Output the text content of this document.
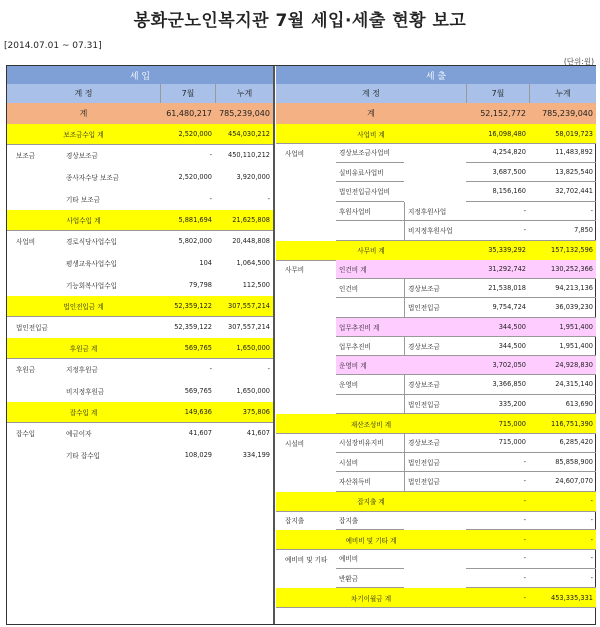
봉화군노인복지관 7월 세입·세출 현황 보고
[2014.07.01 ~ 07.31]
(단위:원)
세 입
계 정	7월	누계
계	61,480,217 785,239,040
보조금수입 계	2,520,000	454,030,212
보조금	경상보조금	-	450,110,212
종사자수당 보조금	2,520,000	3,920,000
기타 보조금	-	-
사업수입 계	5,881,694	21,625,808
사업비	경로식당사업수입	5,802,000	20,448,808
평생교육사업수입	104	1,064,500
기능회복사업수입	79,798	112,500
법인전입금 계	52,359,122	307,557,214
법인전입금	52,359,122	307,557,214
후원금 계	569,765	1,650,000
후원금	지정후원금	-	-
비지정후원금	569,765	1,650,000
잡수입 계	149,636	375,806
잡수입	예금이자	41,607	41,607
기타 잡수입	108,029	334,199
세 출
계 정	7월	누계
계	52,152,772	785,239,040
사업비 계	16,098,480	58,019,723
사업비	경상보조금사업비	4,254,820	11,483,892
실비유료사업비	3,687,500	13,825,540
법인전입금사업비	8,156,160	32,702,441
후원사업비	지정후원사업	-	-
비지정후원사업	-	7,850
사무비 계	35,339,292	157,132,596
사무비	인건비 계	31,292,742	130,252,366
인건비	경상보조금	21,538,018	94,213,136
법인전입금	9,754,724	36,039,230
업무추진비 계	344,500	1,951,400
업무추진비	경상보조금	344,500	1,951,400
운영비 계	3,702,050	24,928,830
운영비	경상보조금	3,366,850	24,315,140
법인전입금	335,200	613,690
재산조성비 계	715,000	116,751,390
시설비	시설장비유지비	경상보조금	715,000	6,285,420
시설비	법인전입금	-	85,858,900
자산취득비	법인전입금	-	24,607,070
잡지출 계	-	-
잡지출	잡지출	-	-
예비비 및 기타 계	-	-
예비비 및 기타	예비비	-	-
반환금	-	-
차기이월금 계	-	453,335,331
